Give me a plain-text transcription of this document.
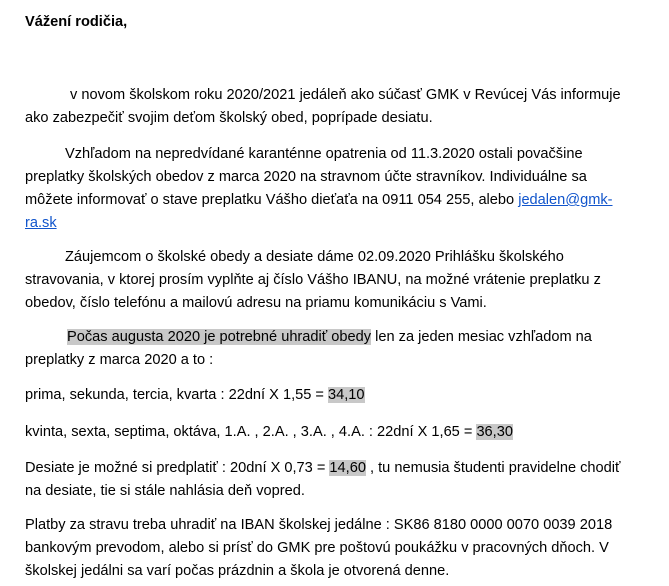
Vážení rodičia,
v novom školskom roku 2020/2021 jedáleň ako súčasť GMK v Revúcej Vás informuje ako zabezpečiť svojim deťom školský obed, poprípade desiatu.
Vzhľadom na nepredvídané karanténne opatrenia od 11.3.2020 ostali povačšine preplatky školských obedov z marca 2020 na stravnom účte stravníkov. Individuálne sa môžete informovať o stave preplatku Vášho dieťaťa na 0911 054 255, alebo jedalen@gmk-ra.sk
Záujemcom o školské obedy a desiate dáme 02.09.2020 Prihlášku školského stravovania, v ktorej prosím vyplňte aj číslo Vášho IBANU, na možné vrátenie preplatku z obedov, číslo telefónu a mailovú adresu na priamu komunikáciu s Vami.
Počas augusta 2020 je potrebné uhradiť obedy len za jeden mesiac vzhľadom na preplatky z marca 2020 a to :
prima, sekunda, tercia, kvarta : 22dní X 1,55 = 34,10
kvinta, sexta, septima, oktáva, 1.A. , 2.A. , 3.A. , 4.A. : 22dní X 1,65 = 36,30
Desiate je možné si predplatiť : 20dní X 0,73 = 14,60 , tu nemusia študenti pravidelne chodiť na desiate, tie si stále nahlásia deň vopred.
Platby za stravu treba uhradiť na IBAN školskej jedálne : SK86 8180 0000 0070 0039 2018 bankovým prevodom, alebo si prísť do GMK pre poštovú poukážku v pracovných dňoch. V školskej jedálni sa varí počas prázdnin a škola je otvorená denne.
